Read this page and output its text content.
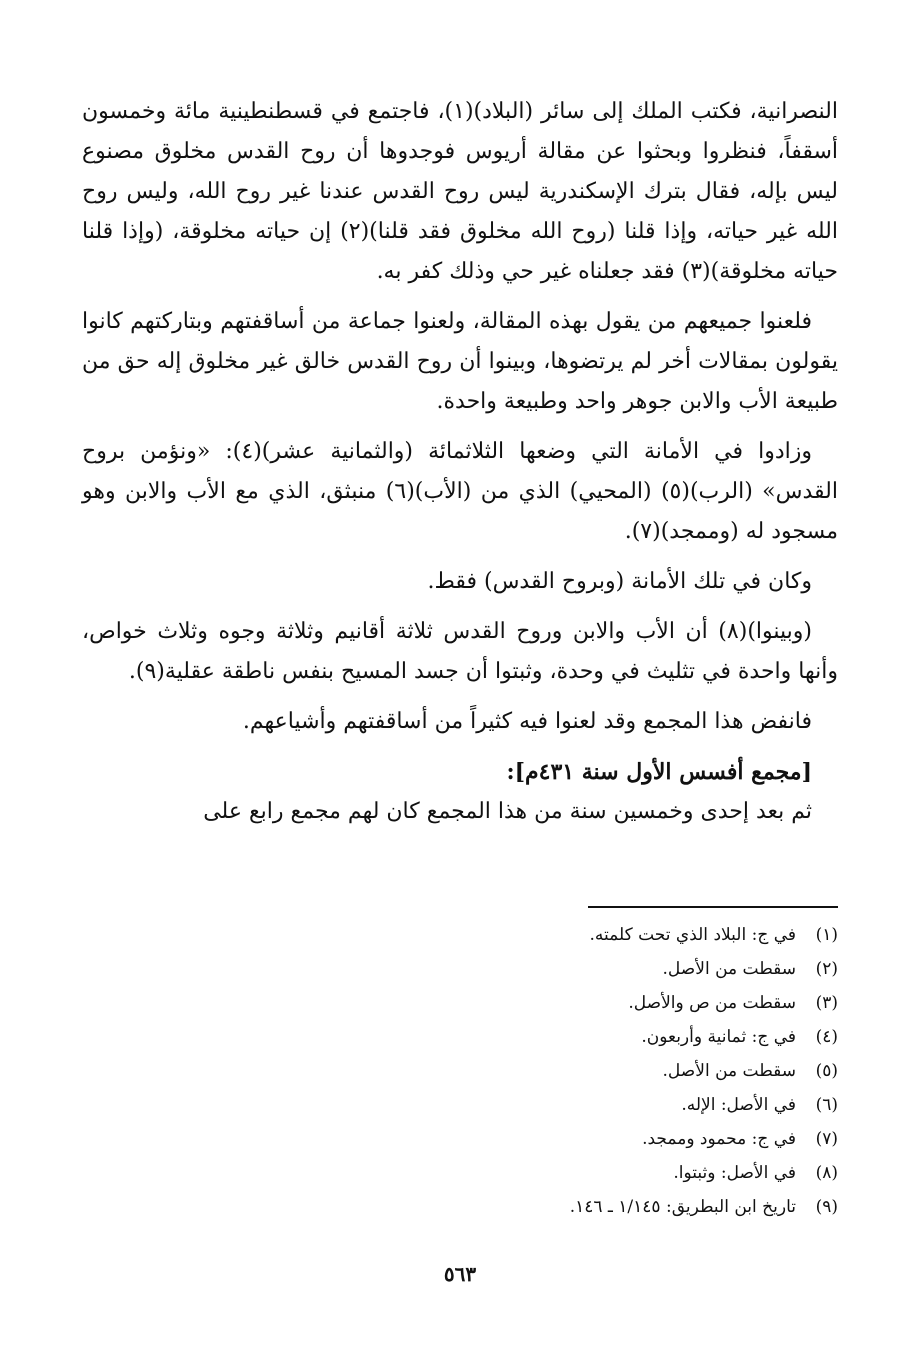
النصرانية، فكتب الملك إلى سائر (البلاد)(١)، فاجتمع في قسطنطينية مائة وخمسون أسقفاً، فنظروا وبحثوا عن مقالة أريوس فوجدوها أن روح القدس مخلوق مصنوع ليس بإله، فقال بترك الإسكندرية ليس روح القدس عندنا غير روح الله، وليس روح الله غير حياته، وإذا قلنا (روح الله مخلوق فقد قلنا)(٢) إن حياته مخلوقة، (وإذا قلنا حياته مخلوقة)(٣) فقد جعلناه غير حي وذلك كفر به.

فلعنوا جميعهم من يقول بهذه المقالة، ولعنوا جماعة من أساقفتهم وبتاركتهم كانوا يقولون بمقالات أخر لم يرتضوها، وبينوا أن روح القدس خالق غير مخلوق إله حق من طبيعة الأب والابن جوهر واحد وطبيعة واحدة.

وزادوا في الأمانة التي وضعها الثلاثمائة (والثمانية عشر)(٤): «ونؤمن بروح القدس» (الرب)(٥) (المحيي) الذي من (الأب)(٦) منبثق، الذي مع الأب والابن وهو مسجود له (وممجد)(٧).

وكان في تلك الأمانة (وبروح القدس) فقط.

(وبينوا)(٨) أن الأب والابن وروح القدس ثلاثة أقانيم وثلاثة وجوه وثلاث خواص، وأنها واحدة في تثليث في وحدة، وثبتوا أن جسد المسيح بنفس ناطقة عقلية(٩).

فانفض هذا المجمع وقد لعنوا فيه كثيراً من أساقفتهم وأشياعهم.

[مجمع أفسس الأول سنة ٤٣١م]:

ثم بعد إحدى وخمسين سنة من هذا المجمع كان لهم مجمع رابع على

(١)
في ج: البلاد الذي تحت كلمته.
(٢)
سقطت من الأصل.
(٣)
سقطت من ص والأصل.
(٤)
في ج: ثمانية وأربعون.
(٥)
سقطت من الأصل.
(٦)
في الأصل: الإله.
(٧)
في ج: محمود وممجد.
(٨)
في الأصل: وثبتوا.
(٩)
تاريخ ابن البطريق: ١/١٤٥ ـ ١٤٦.
٥٦٣
